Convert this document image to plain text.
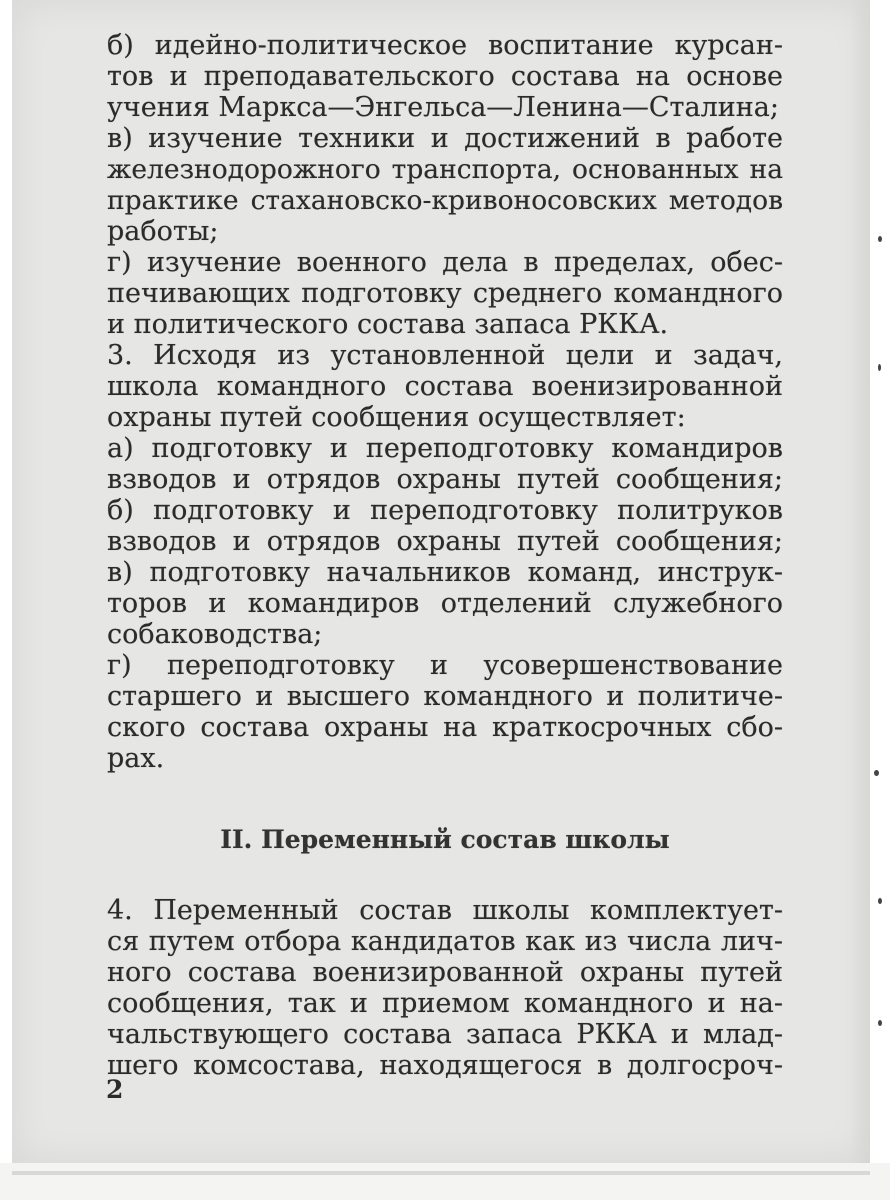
б) идейно-политическое воспитание курсан-

тов и преподавательского состава на основе

учения Маркса—Энгельса—Ленина—Сталина;

в) изучение техники и достижений в работе

железнодорожного транспорта, основанных на

практике стахановско-кривоносовских методов

работы;

г) изучение военного дела в пределах, обес-

печивающих подготовку среднего командного

и политического состава запаса РККА.

3. Исходя из установленной цели и задач,

школа командного состава военизированной

охраны путей сообщения осуществляет:

а) подготовку и переподготовку командиров

взводов и отрядов охраны путей сообщения;

б) подготовку и переподготовку политруков

взводов и отрядов охраны путей сообщения;

в) подготовку начальников команд, инструк-

торов и командиров отделений служебного

собаководства;

г) переподготовку и усовершенствование

старшего и высшего командного и политиче-

ского состава охраны на краткосрочных сбо-

рах.

II. Переменный состав школы

4. Переменный состав школы комплектует-

ся путем отбора кандидатов как из числа лич-

ного состава военизированной охраны путей

сообщения, так и приемом командного и на-

чальствующего состава запаса РККА и млад-

шего комсостава, находящегося в долгосроч-

2
